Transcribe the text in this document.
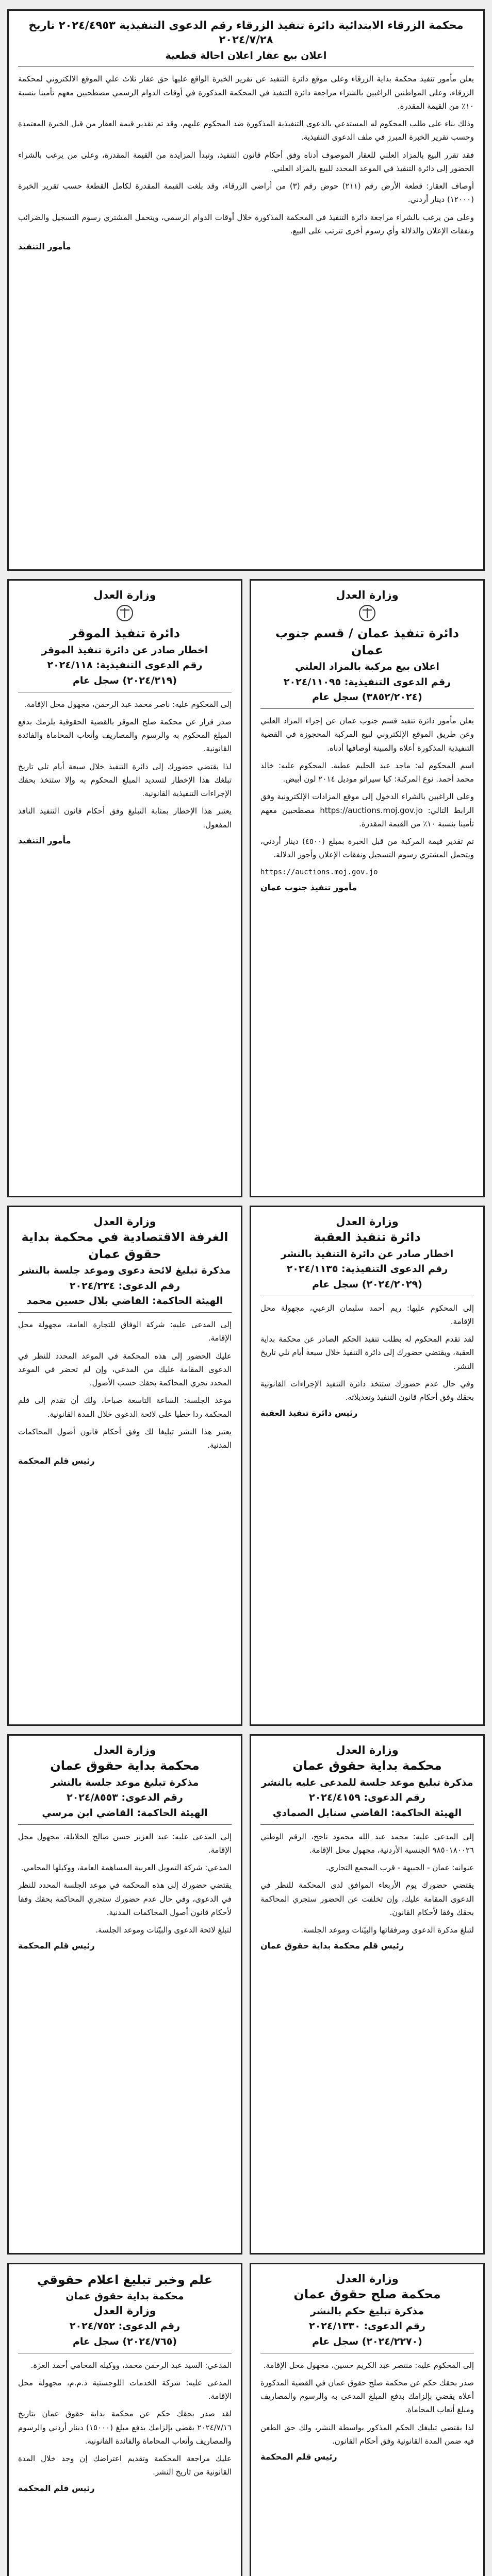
محكمة الزرقاء الابتدائية دائرة تنفيذ الزرقاء رقم الدعوى التنفيذية ٢٠٢٤/٤٩٥٣ تاريخ ٢٠٢٤/٧/٢٨
اعلان بيع عقار اعلان احالة قطعية

يعلن مأمور تنفيذ محكمة بداية الزرقاء وعلى موقع دائرة التنفيذ عن تقرير الخبرة الواقع عليها حق عقار ثلاث علي الموقع الالكتروني لمحكمة الزرقاء، وعلى المواطنين الراغبين بالشراء مراجعة دائرة التنفيذ في المحكمة المذكورة في أوقات الدوام الرسمي مصطحبين معهم تأمينا بنسبة ١٠٪ من القيمة المقدرة.

وذلك بناء على طلب المحكوم له المستدعي بالدعوى التنفيذية المذكورة ضد المحكوم عليهم، وقد تم تقدير قيمة العقار من قبل الخبرة المعتمدة وحسب تقرير الخبرة المبرز في ملف الدعوى التنفيذية.

فقد تقرر البيع بالمزاد العلني للعقار الموصوف أدناه وفق أحكام قانون التنفيذ، وتبدأ المزايدة من القيمة المقدرة، وعلى من يرغب بالشراء الحضور إلى دائرة التنفيذ في الموعد المحدد للبيع بالمزاد العلني.

أوصاف العقار: قطعة الأرض رقم (٢١١) حوض رقم (٣) من أراضي الزرقاء، وقد بلغت القيمة المقدرة لكامل القطعة حسب تقرير الخبرة (١٢٠٠٠) دينار أردني.

وعلى من يرغب بالشراء مراجعة دائرة التنفيذ في المحكمة المذكورة خلال أوقات الدوام الرسمي، ويتحمل المشتري رسوم التسجيل والضرائب ونفقات الإعلان والدلالة وأي رسوم أخرى تترتب على البيع.

مأمور التنفيذ
وزارة العدل
دائرة تنفيذ عمان / قسم جنوب عمان
اعلان بيع مركبة بالمزاد العلني
رقم الدعوى التنفيذية: ٢٠٢٤/١١٠٩٥
(٣٨٥٢/٢٠٢٤) سجل عام

يعلن مأمور دائرة تنفيذ قسم جنوب عمان عن إجراء المزاد العلني وعن طريق الموقع الإلكتروني لبيع المركبة المحجوزة في القضية التنفيذية المذكورة أعلاه والمبينة أوصافها أدناه.

اسم المحكوم له: ماجد عبد الحليم عطية. المحكوم عليه: خالد محمد أحمد. نوع المركبة: كيا سيراتو موديل ٢٠١٤ لون أبيض.

وعلى الراغبين بالشراء الدخول إلى موقع المزادات الإلكترونية وفق الرابط التالي: https://auctions.moj.gov.jo مصطحبين معهم تأمينا بنسبة ١٠٪ من القيمة المقدرة.

تم تقدير قيمة المركبة من قبل الخبرة بمبلغ (٤٥٠٠) دينار أردني، ويتحمل المشتري رسوم التسجيل ونفقات الإعلان وأجور الدلالة.

https://auctions.moj.gov.jo

مأمور تنفيذ جنوب عمان
وزارة العدل
دائرة تنفيذ الموقر
اخطار صادر عن دائرة تنفيذ الموقر
رقم الدعوى التنفيذية: ٢٠٢٤/١١٨
(٢٠٢٤/٢١٩) سجل عام

إلى المحكوم عليه: ناصر محمد عبد الرحمن، مجهول محل الإقامة.

صدر قرار عن محكمة صلح الموقر بالقضية الحقوقية يلزمك بدفع المبلغ المحكوم به والرسوم والمصاريف وأتعاب المحاماة والفائدة القانونية.

لذا يقتضي حضورك إلى دائرة التنفيذ خلال سبعة أيام تلي تاريخ تبلغك هذا الإخطار لتسديد المبلغ المحكوم به وإلا ستتخذ بحقك الإجراءات التنفيذية القانونية.

يعتبر هذا الإخطار بمثابة التبليغ وفق أحكام قانون التنفيذ النافذ المفعول.

مأمور التنفيذ
وزارة العدل
دائرة تنفيذ العقبة
اخطار صادر عن دائرة التنفيذ بالنشر
رقم الدعوى التنفيذية: ٢٠٢٤/١١٣٥
(٢٠٢٤/٢٠٢٩) سجل عام

إلى المحكوم عليها: ريم أحمد سليمان الزعبي، مجهولة محل الإقامة.

لقد تقدم المحكوم له بطلب تنفيذ الحكم الصادر عن محكمة بداية العقبة، ويقتضي حضورك إلى دائرة التنفيذ خلال سبعة أيام تلي تاريخ النشر.

وفي حال عدم حضورك ستتخذ دائرة التنفيذ الإجراءات القانونية بحقك وفق أحكام قانون التنفيذ وتعديلاته.

رئيس دائرة تنفيذ العقبة
وزارة العدل
الغرفة الاقتصادية في محكمة بداية حقوق عمان
مذكرة تبليغ لائحة دعوى وموعد جلسة بالنشر
رقم الدعوى: ٢٠٢٤/٢٣٤
الهيئة الحاكمة: القاضي بلال حسين محمد

إلى المدعى عليه: شركة الوفاق للتجارة العامة، مجهولة محل الإقامة.

عليك الحضور إلى هذه المحكمة في الموعد المحدد للنظر في الدعوى المقامة عليك من المدعي، وإن لم تحضر في الموعد المحدد تجري المحاكمة بحقك حسب الأصول.

موعد الجلسة: الساعة التاسعة صباحا، ولك أن تقدم إلى قلم المحكمة ردا خطيا على لائحة الدعوى خلال المدة القانونية.

يعتبر هذا النشر تبليغا لك وفق أحكام قانون أصول المحاكمات المدنية.

رئيس قلم المحكمة
وزارة العدل
محكمة بداية حقوق عمان
مذكرة تبليغ موعد جلسة للمدعى عليه بالنشر
رقم الدعوى: ٢٠٢٤/٤١٥٩
الهيئة الحاكمة: القاضي سنابل الصمادي

إلى المدعى عليه: محمد عبد الله محمود ناجح، الرقم الوطني ٩٨٥٠١٨٠٠٢٦ الجنسية الأردنية، مجهول محل الإقامة.

عنوانه: عمان - الجبيهة - قرب المجمع التجاري.

يقتضي حضورك يوم الأربعاء الموافق لدى المحكمة للنظر في الدعوى المقامة عليك، وإن تخلفت عن الحضور ستجري المحاكمة بحقك وفقا لأحكام القانون.

لتبلغ مذكرة الدعوى ومرفقاتها والبيّنات وموعد الجلسة.

رئيس قلم محكمة بداية حقوق عمان
وزارة العدل
محكمة بداية حقوق عمان
مذكرة تبليغ موعد جلسة بالنشر
رقم الدعوى: ٢٠٢٤/٨٥٥٣
الهيئة الحاكمة: القاضي ابن مرسي

إلى المدعى عليه: عبد العزيز حسن صالح الخلايلة، مجهول محل الإقامة.

المدعي: شركة التمويل العربية المساهمة العامة، ووكيلها المحامي.

يقتضي حضورك إلى هذه المحكمة في موعد الجلسة المحدد للنظر في الدعوى، وفي حال عدم حضورك ستجري المحاكمة بحقك وفقا لأحكام قانون أصول المحاكمات المدنية.

لتبلغ لائحة الدعوى والبيّنات وموعد الجلسة.

رئيس قلم المحكمة
وزارة العدل
محكمة صلح حقوق عمان
مذكرة تبليغ حكم بالنشر
رقم الدعوى: ٢٠٢٤/١٣٣٠
(٢٠٢٤/٢٢٧٠) سجل عام

إلى المحكوم عليه: منتصر عبد الكريم حسين، مجهول محل الإقامة.

صدر بحقك حكم عن محكمة صلح حقوق عمان في القضية المذكورة أعلاه يقضي بإلزامك بدفع المبلغ المدعى به والرسوم والمصاريف ومبلغ أتعاب المحاماة.

لذا يقتضي تبليغك الحكم المذكور بواسطة النشر، ولك حق الطعن فيه ضمن المدة القانونية وفق أحكام القانون.

رئيس قلم المحكمة
علم وخبر تبليغ اعلام حقوقي
محكمة بداية حقوق عمان
وزارة العدل
رقم الدعوى: ٢٠٢٤/٧٥٢
(٢٠٢٤/٧٦٥) سجل عام

المدعي: السيد عبد الرحمن محمد، ووكيله المحامي أحمد العزة.

المدعى عليه: شركة الخدمات اللوجستية ذ.م.م، مجهولة محل الإقامة.

لقد صدر بحقك حكم عن محكمة بداية حقوق عمان بتاريخ ٢٠٢٤/٧/١٦ يقضي بإلزامك بدفع مبلغ (١٥٠٠٠) دينار أردني والرسوم والمصاريف وأتعاب المحاماة والفائدة القانونية.

عليك مراجعة المحكمة وتقديم اعتراضك إن وجد خلال المدة القانونية من تاريخ النشر.

رئيس قلم المحكمة
